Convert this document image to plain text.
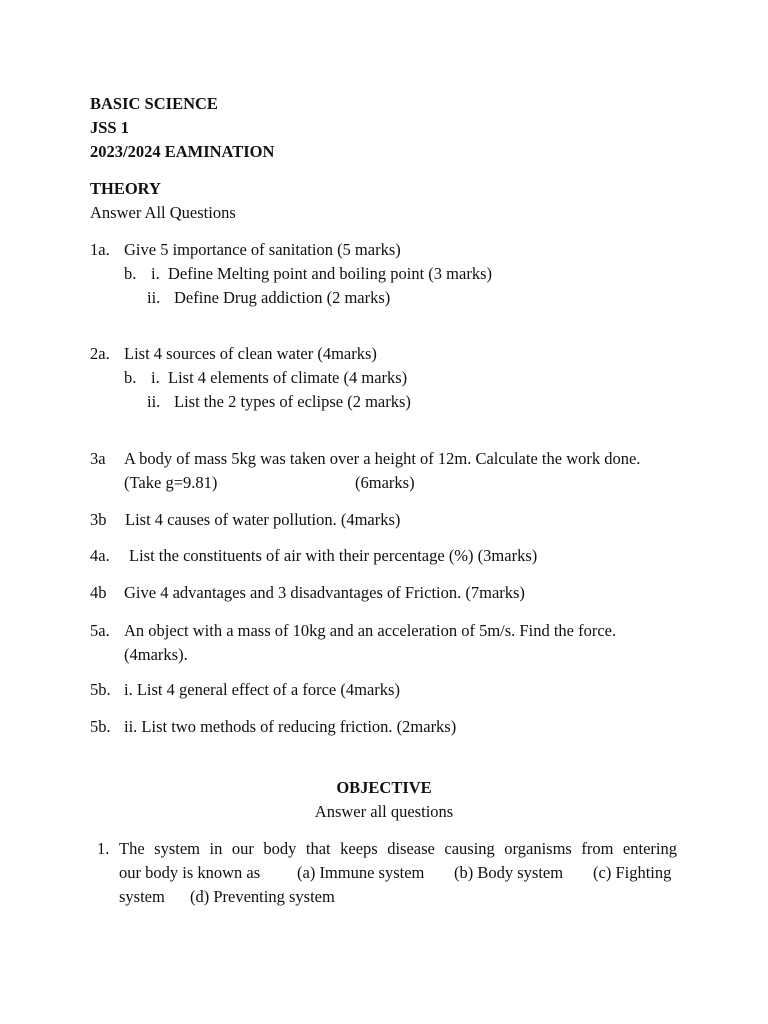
BASIC SCIENCE
JSS 1
2023/2024 EAMINATION
THEORY
Answer All Questions
1a. Give 5 importance of sanitation (5 marks)
b. i. Define Melting point and boiling point (3 marks)
ii. Define Drug addiction (2 marks)
2a. List 4 sources of clean water (4marks)
b. i. List 4 elements of climate (4 marks)
ii. List the 2 types of eclipse (2 marks)
3a A body of mass 5kg was taken over a height of 12m. Calculate the work done.
(Take g=9.81)	(6marks)
3b List 4 causes of water pollution. (4marks)
4a. List the constituents of air with their percentage (%) (3marks)
4b Give 4 advantages and 3 disadvantages of Friction. (7marks)
5a. An object with a mass of 10kg and an acceleration of 5m/s. Find the force.
(4marks).
5b. i. List 4 general effect of a force (4marks)
5b. ii. List two methods of reducing friction. (2marks)
OBJECTIVE
Answer all questions
1. The system in our body that keeps disease causing organisms from entering
our body is known as (a) Immune system (b) Body system (c) Fighting
system (d) Preventing system
